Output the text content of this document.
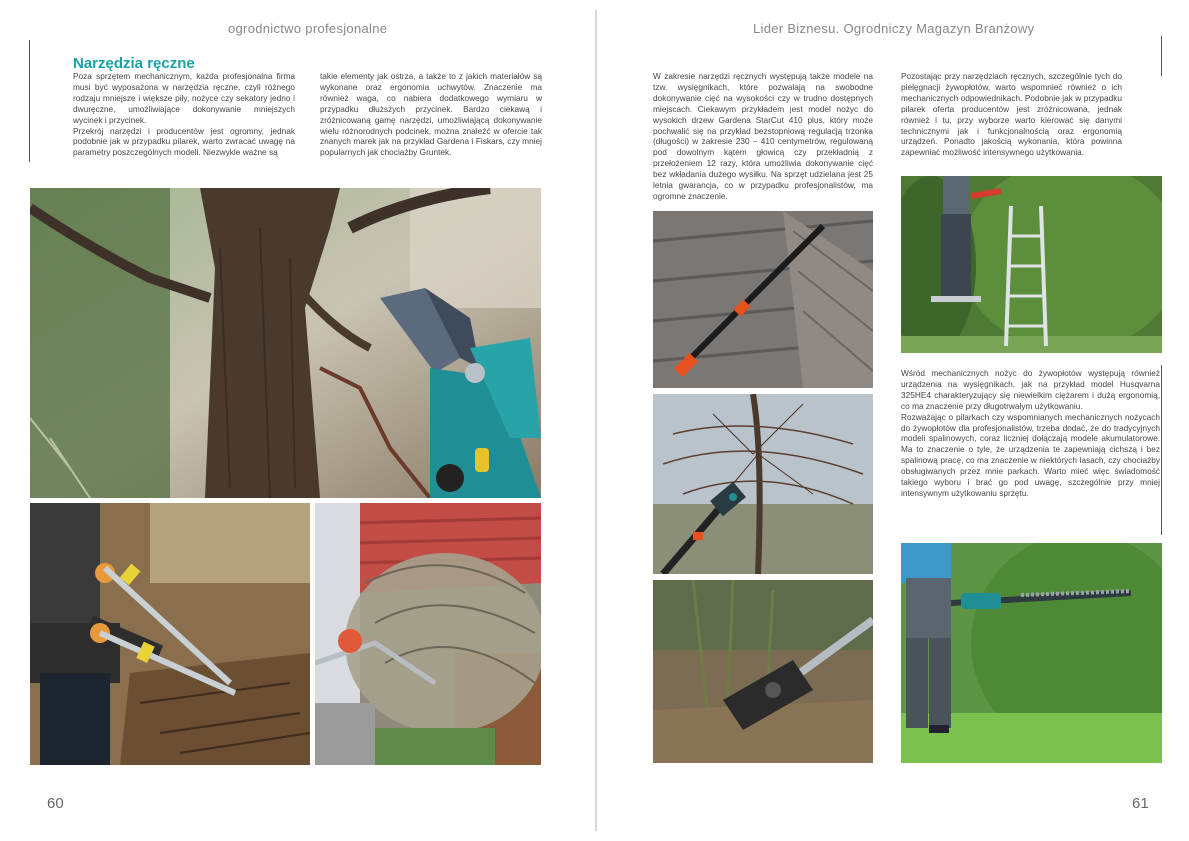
ogrodnictwo profesjonalne
Narzędzia ręczne

Poza sprzętem mechanicznym, każda profesjonalna firma musi być wyposażona w narzędzia ręczne, czyli różnego rodzaju mniejsze i większe piły, nożyce czy sekatory jedno i dwuręczne, umożliwiające dokonywanie mniejszych wycinek i przycinek.

Przekrój narzędzi i producentów jest ogromny, jednak podobnie jak w przypadku pilarek, warto zwracać uwagę na parametry poszczególnych modeli. Niezwykle ważne są

takie elementy jak ostrza, a także to z jakich materiałów są wykonane oraz ergonomia uchwytów. Znaczenie ma również waga, co nabiera dodatkowego wymiaru w przypadku dłuższych przycinek. Bardzo ciekawą i zróżnicowaną gamę narzędzi, umożliwiającą dokonywanie wielu różnorodnych podcinek, można znaleźć w ofercie tak znanych marek jak na przykład Gardena i Fiskars, czy mniej popularnych jak chociażby Gruntek.

60
Lider Biznesu. Ogrodniczy Magazyn Branżowy

W zakresie narzędzi ręcznych występują także modele na tzw. wysięgnikach, które pozwalają na swobodne dokonywanie cięć na wysokości czy w trudno dostępnych miejscach. Ciekawym przykładem jest model nożyc do wysokich drzew Gardena StarCut 410 plus, który może pochwalić się na przykład bezstopniową regulacją trzonka (długości) w zakresie 230 – 410 centymetrów, regulowaną pod dowolnym kątem głowicą czy przekładnią z przełożeniem 12 razy, która umożliwia dokonywanie cięć bez wkładania dużego wysiłku. Na sprzęt udzielana jest 25 letnia gwarancja, co w przypadku profesjonalistów, ma ogromne znaczenie.

Pozostając przy narzędziach ręcznych, szczególnie tych do pielęgnacji żywopłotów, warto wspomnieć również o ich mechanicznych odpowiednikach. Podobnie jak w przypadku pilarek oferta producentów jest zróżnicowana, jednak również i tu, przy wyborze warto kierować się danymi technicznymi jak i funkcjonalnością oraz ergonomią urządzeń. Ponadto jakością wykonania, która powinna zapewniać możliwość intensywnego użytkowania.

Wśród mechanicznych nożyc do żywopłotów występują również urządzenia na wysięgnikach, jak na przykład model Husqvarna 325HE4 charakteryzujący się niewielkim ciężarem i dużą ergonomią, co ma znaczenie przy długotrwałym użytkowaniu.

Rozważając o pilarkach czy wspomnianych mechanicznych nożycach do żywopłotów dla profesjonalistów, trzeba dodać, że do tradycyjnych modeli spalinowych, coraz liczniej dołączają modele akumulatorowe. Ma to znaczenie o tyle, że urządzenia te zapewniają cichszą i bez spalinową pracę, co ma znaczenie w niektórych lasach, czy chociażby obsługiwanych przez mnie parkach. Warto mieć więc świadomość takiego wyboru i brać go pod uwagę, szczególnie przy mniej intensywnym użytkowaniu sprzętu.

61
